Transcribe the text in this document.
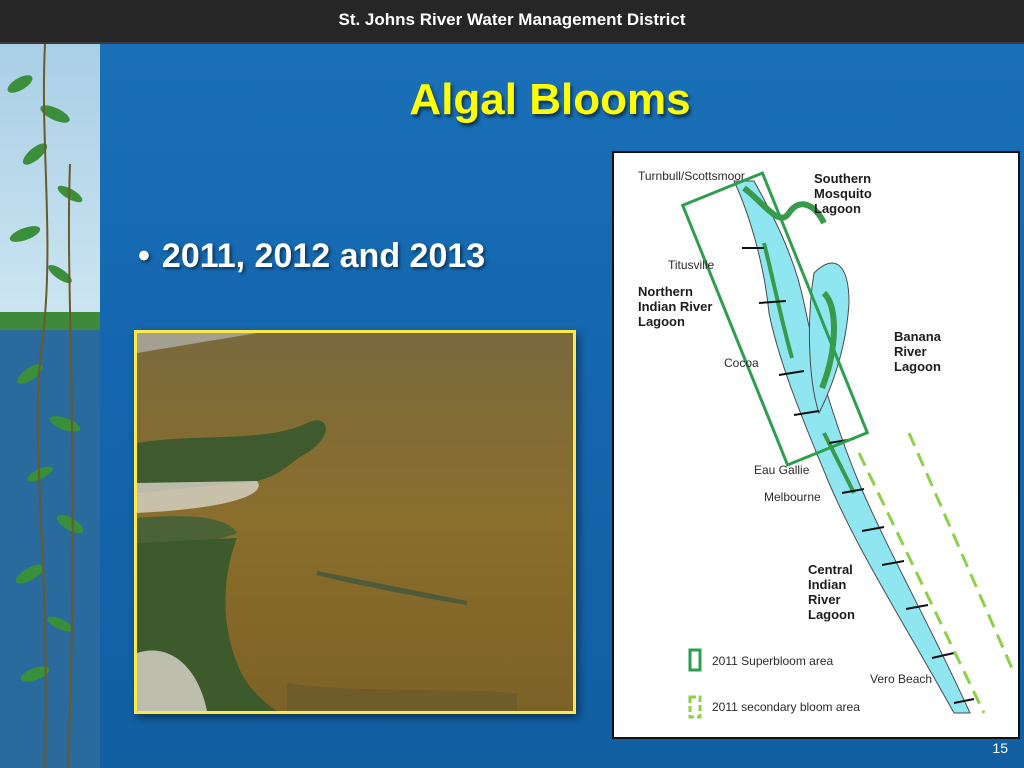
St. Johns River Water Management District
Algal Blooms
• 2011, 2012 and 2013
Turnbull/Scottsmoor	Southern
Mosquito
Lagoon
Titusville
Northern
Indian River
Lagoon
Cocoa
Banana
River
Lagoon
Eau Gallie
Melbourne
Central
Indian
River
Lagoon
Vero Beach
2011 Superbloom area
2011 secondary bloom area
15
